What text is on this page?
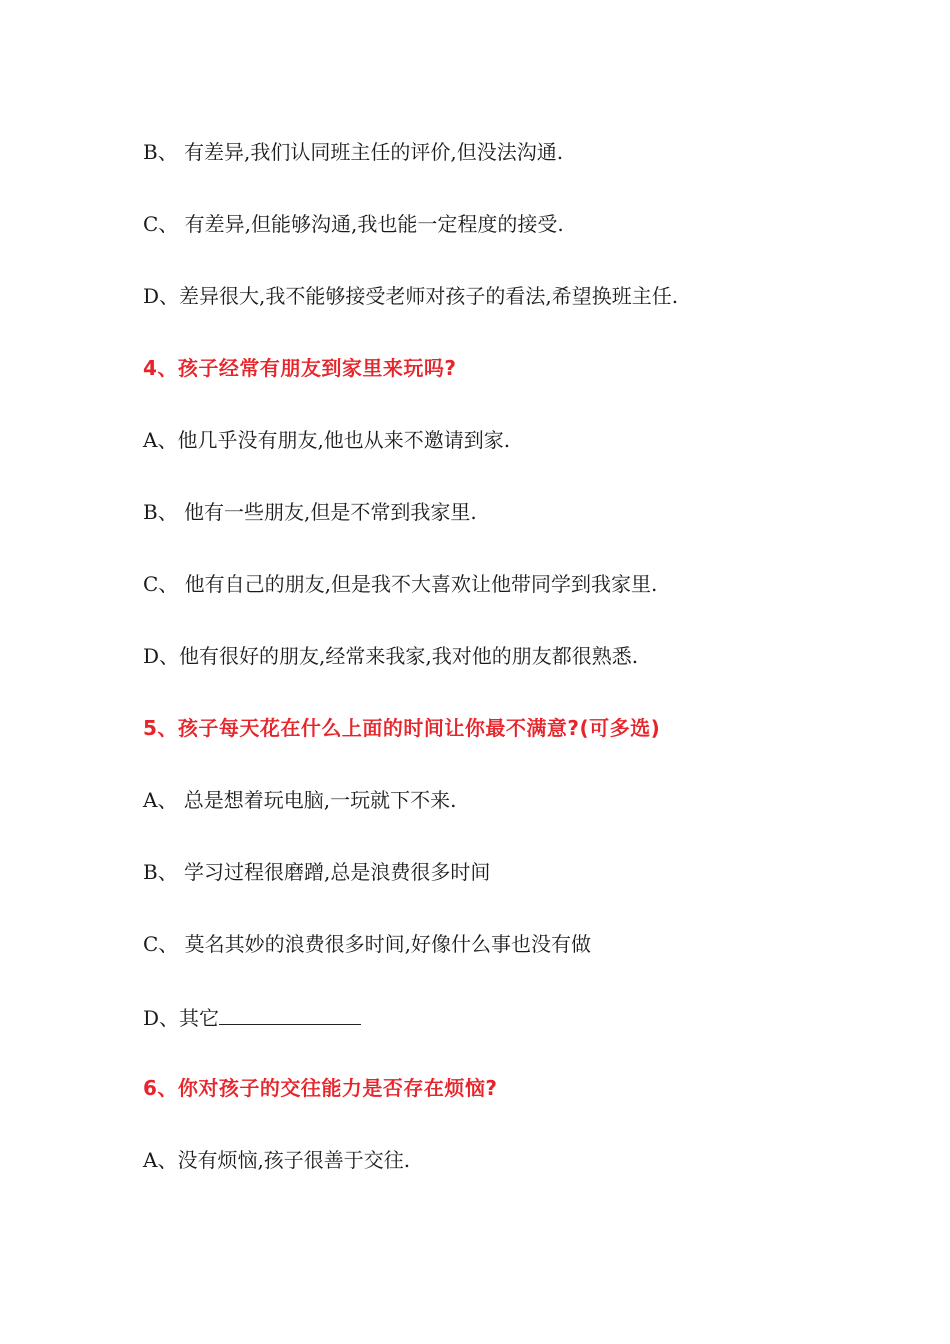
B、 有差异,我们认同班主任的评价,但没法沟通.
C、 有差异,但能够沟通,我也能一定程度的接受.
D、差异很大,我不能够接受老师对孩子的看法,希望换班主任.
4、孩子经常有朋友到家里来玩吗?
A、他几乎没有朋友,他也从来不邀请到家.
B、 他有一些朋友,但是不常到我家里.
C、 他有自己的朋友,但是我不大喜欢让他带同学到我家里.
D、他有很好的朋友,经常来我家,我对他的朋友都很熟悉.
5、孩子每天花在什么上面的时间让你最不满意?(可多选)
A、 总是想着玩电脑,一玩就下不来.
B、 学习过程很磨蹭,总是浪费很多时间
C、 莫名其妙的浪费很多时间,好像什么事也没有做
D、其它
6、你对孩子的交往能力是否存在烦恼?
A、没有烦恼,孩子很善于交往.
